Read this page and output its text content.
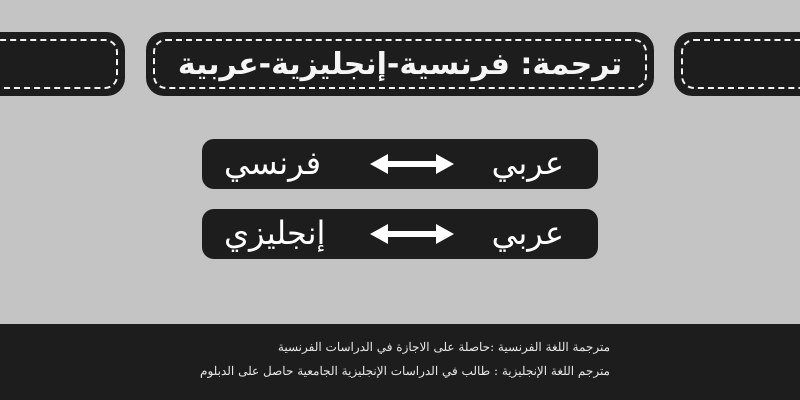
ترجمة: فرنسية-إنجليزية-عربية
عربي
فرنسي
عربي
إنجليزي
مترجمة اللغة الفرنسية :حاصلة على الاجازة في الدراسات الفرنسية
مترجم اللغة الإنجليزية : طالب في الدراسات الإنجليزية الجامعية حاصل على الدبلوم
